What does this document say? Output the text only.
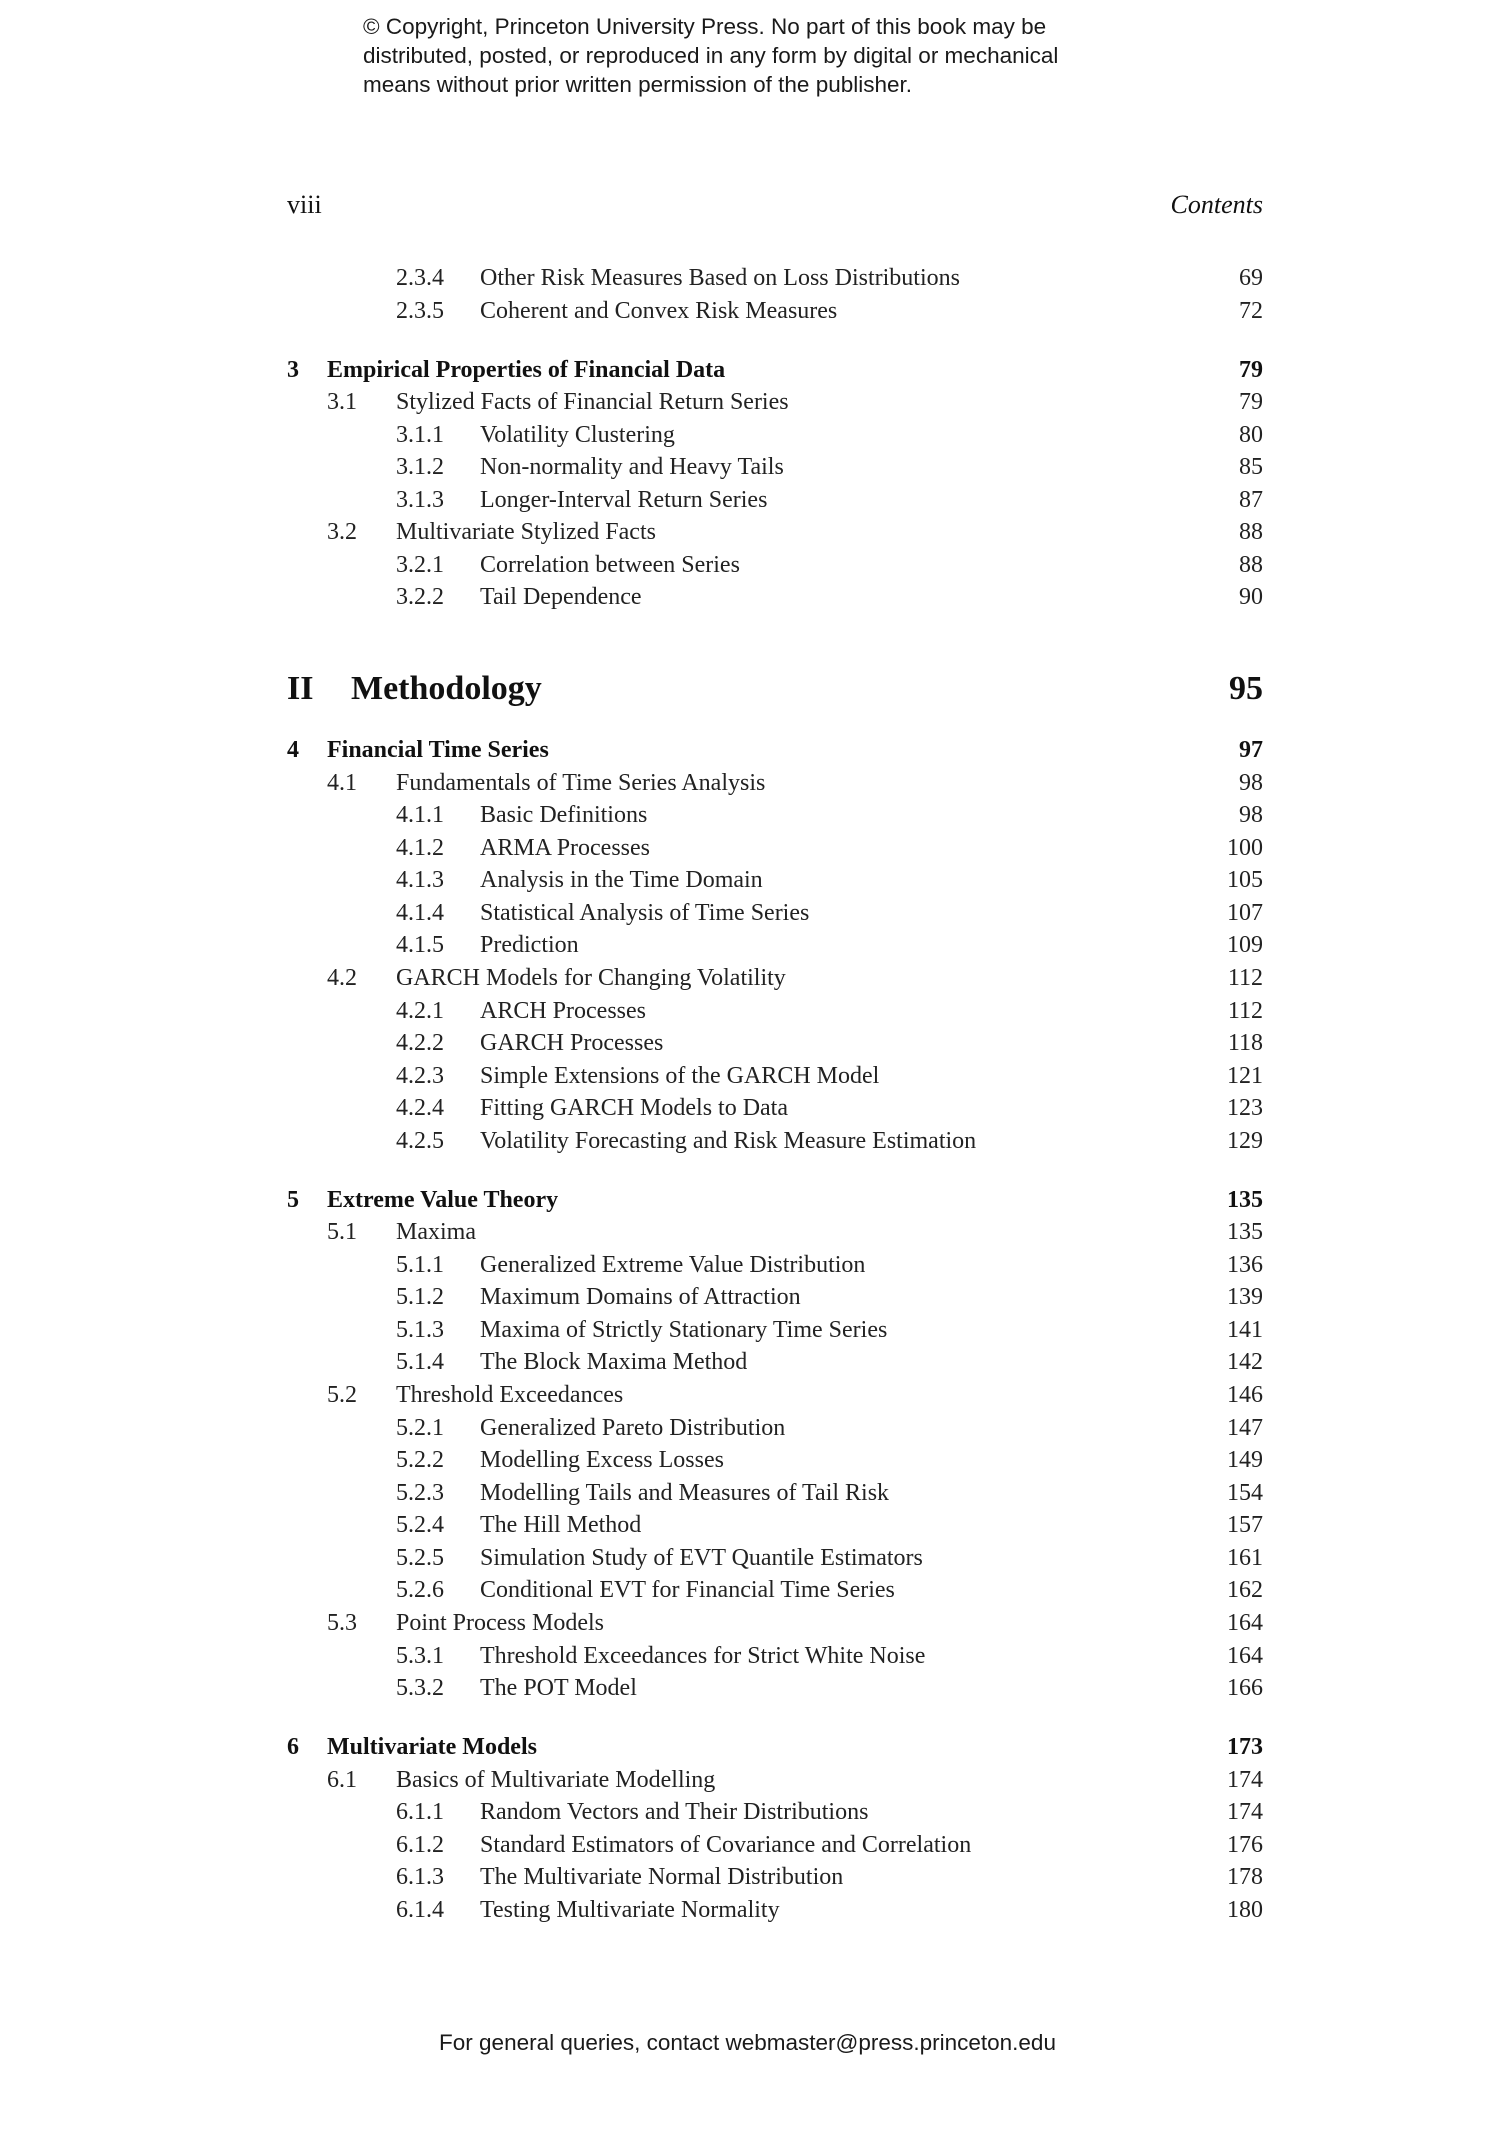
© Copyright, Princeton University Press. No part of this book may be
distributed, posted, or reproduced in any form by digital or mechanical
means without prior written permission of the publisher.
viii	Contents
2.3.4 Other Risk Measures Based on Loss Distributions	69
2.3.5 Coherent and Convex Risk Measures	72
3 Empirical Properties of Financial Data	79
3.1 Stylized Facts of Financial Return Series	79
3.1.1 Volatility Clustering	80
3.1.2 Non-normality and Heavy Tails	85
3.1.3 Longer-Interval Return Series	87
3.2 Multivariate Stylized Facts	88
3.2.1 Correlation between Series	88
3.2.2 Tail Dependence	90
II Methodology	95
4 Financial Time Series	97
4.1 Fundamentals of Time Series Analysis	98
4.1.1 Basic Definitions	98
4.1.2 ARMA Processes	100
4.1.3 Analysis in the Time Domain	105
4.1.4 Statistical Analysis of Time Series	107
4.1.5 Prediction	109
4.2 GARCH Models for Changing Volatility	112
4.2.1 ARCH Processes	112
4.2.2 GARCH Processes	118
4.2.3 Simple Extensions of the GARCH Model	121
4.2.4 Fitting GARCH Models to Data	123
4.2.5 Volatility Forecasting and Risk Measure Estimation	129
5 Extreme Value Theory	135
5.1 Maxima	135
5.1.1 Generalized Extreme Value Distribution	136
5.1.2 Maximum Domains of Attraction	139
5.1.3 Maxima of Strictly Stationary Time Series	141
5.1.4 The Block Maxima Method	142
5.2 Threshold Exceedances	146
5.2.1 Generalized Pareto Distribution	147
5.2.2 Modelling Excess Losses	149
5.2.3 Modelling Tails and Measures of Tail Risk	154
5.2.4 The Hill Method	157
5.2.5 Simulation Study of EVT Quantile Estimators	161
5.2.6 Conditional EVT for Financial Time Series	162
5.3 Point Process Models	164
5.3.1 Threshold Exceedances for Strict White Noise	164
5.3.2 The POT Model	166
6 Multivariate Models	173
6.1 Basics of Multivariate Modelling	174
6.1.1 Random Vectors and Their Distributions	174
6.1.2 Standard Estimators of Covariance and Correlation	176
6.1.3 The Multivariate Normal Distribution	178
6.1.4 Testing Multivariate Normality	180
For general queries, contact webmaster@press.princeton.edu
